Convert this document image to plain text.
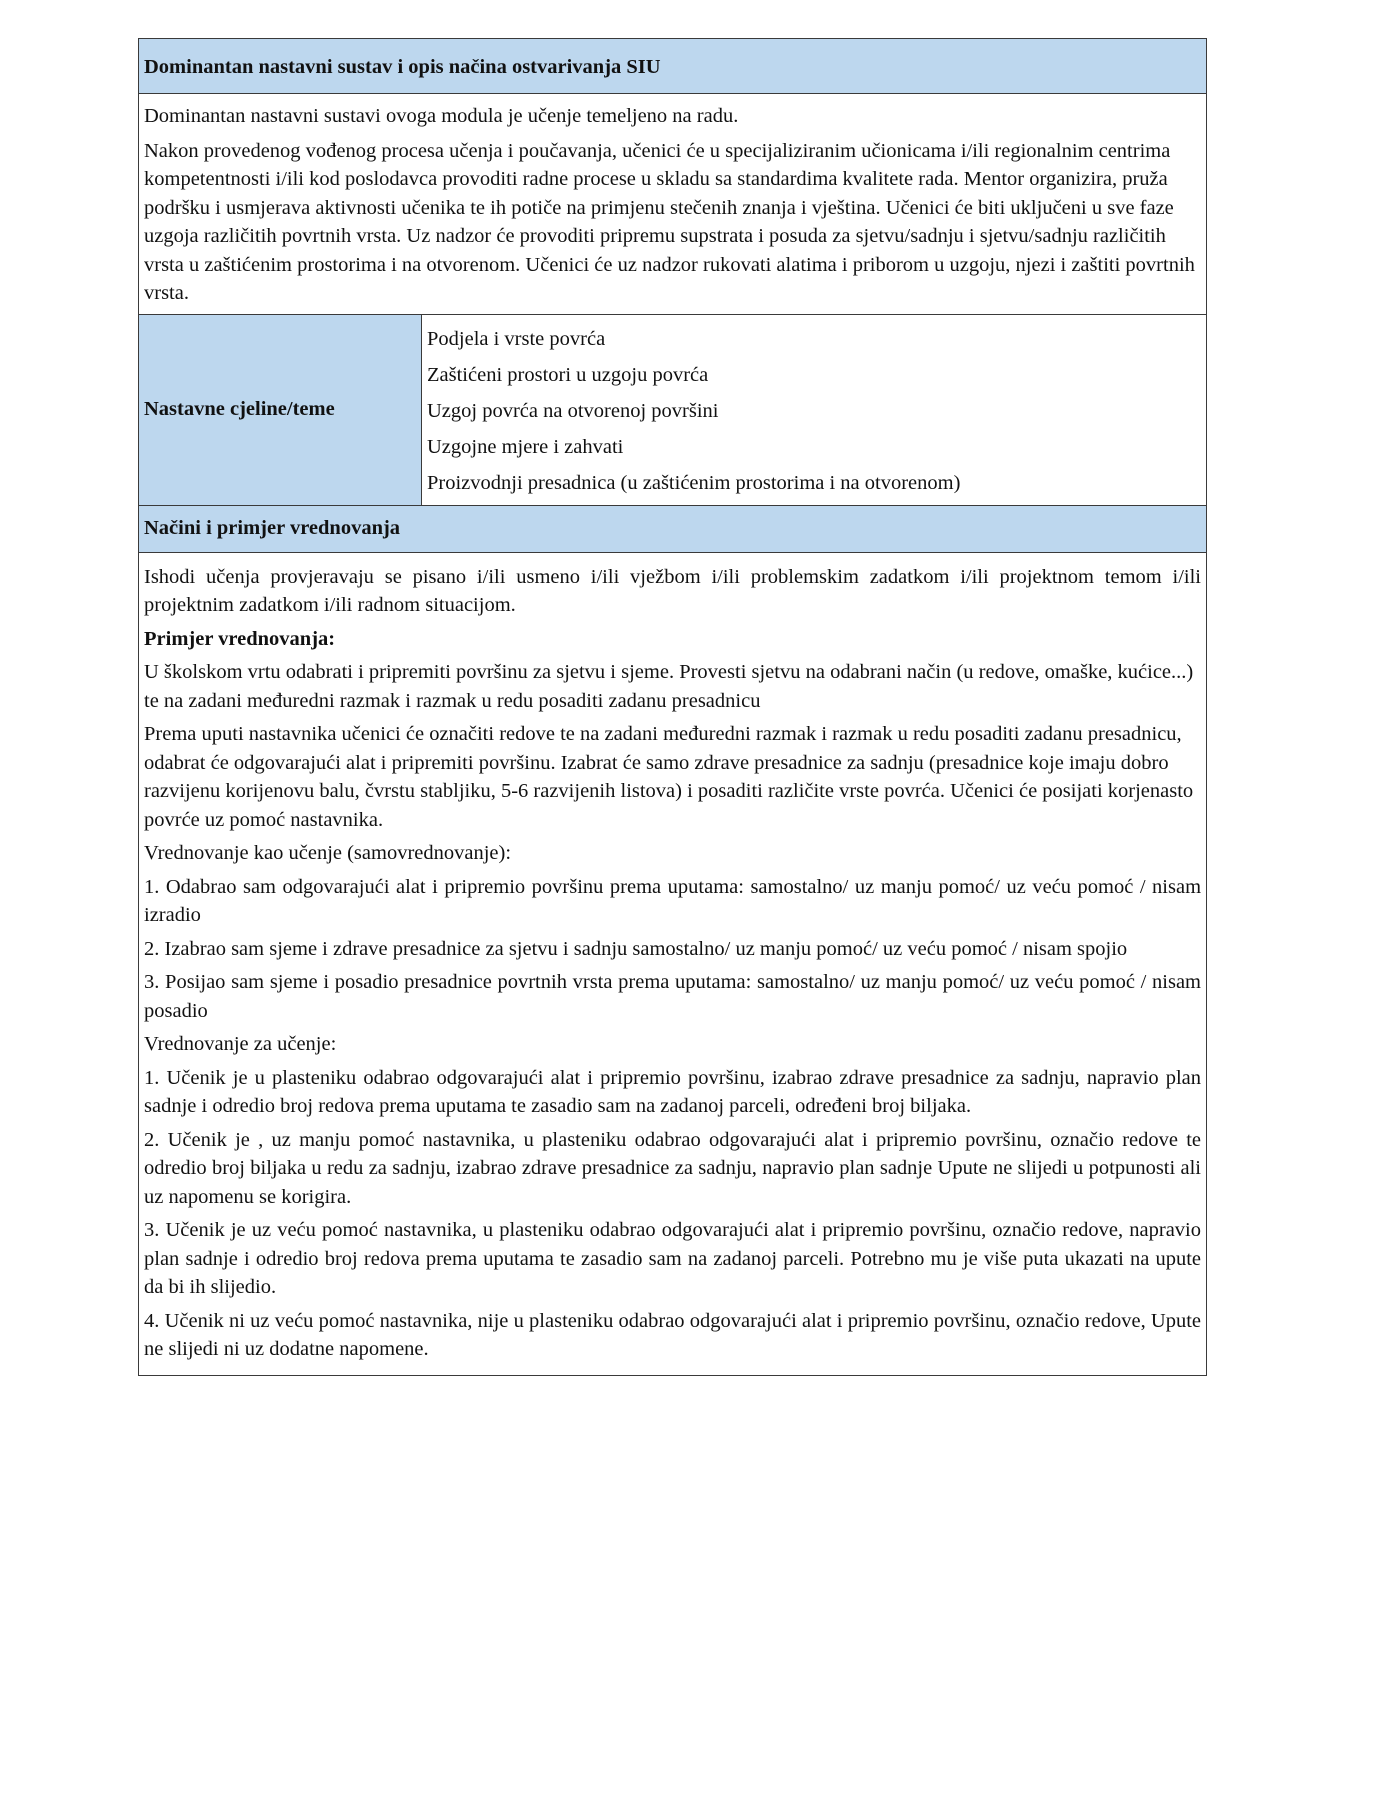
Dominantan nastavni sustav i opis načina ostvarivanja SIU

Dominantan nastavni sustavi ovoga modula je učenje temeljeno na radu.

Nakon provedenog vođenog procesa učenja i poučavanja, učenici će u specijaliziranim učionicama i/ili regionalnim centrima kompetentnosti i/ili kod poslodavca provoditi radne procese u skladu sa standardima kvalitete rada. Mentor organizira, pruža podršku i usmjerava aktivnosti učenika te ih potiče na primjenu stečenih znanja i vještina. Učenici će biti uključeni u sve faze uzgoja različitih povrtnih vrsta. Uz nadzor će provoditi pripremu supstrata i posuda za sjetvu/sadnju i sjetvu/sadnju različitih vrsta u zaštićenim prostorima i na otvorenom. Učenici će uz nadzor rukovati alatima i priborom u uzgoju, njezi i zaštiti povrtnih vrsta.

Nastavne cjeline/teme	
Podjela i vrste povrća
Zaštićeni prostori u uzgoju povrća
Uzgoj povrća na otvorenoj površini
Uzgojne mjere i zahvati
Proizvodnji presadnica (u zaštićenim prostorima i na otvorenom)

Načini i primjer vrednovanja

Ishodi učenja provjeravaju se pisano i/ili usmeno i/ili vježbom i/ili problemskim zadatkom i/ili projektnom temom i/ili projektnim zadatkom i/ili radnom situacijom.

Primjer vrednovanja:

U školskom vrtu odabrati i pripremiti površinu za sjetvu i sjeme. Provesti sjetvu na odabrani način (u redove, omaške, kućice...) te na zadani međuredni razmak i razmak u redu posaditi zadanu presadnicu

Prema uputi nastavnika učenici će označiti redove te na zadani međuredni razmak i razmak u redu posaditi zadanu presadnicu, odabrat će odgovarajući alat i pripremiti površinu. Izabrat će samo zdrave presadnice za sadnju (presadnice koje imaju dobro razvijenu korijenovu balu, čvrstu stabljiku, 5-6 razvijenih listova) i posaditi različite vrste povrća. Učenici će posijati korjenasto povrće uz pomoć nastavnika.

Vrednovanje kao učenje (samovrednovanje):

1. Odabrao sam odgovarajući alat i pripremio površinu prema uputama: samostalno/ uz manju pomoć/ uz veću pomoć / nisam izradio

2. Izabrao sam sjeme i zdrave presadnice za sjetvu i sadnju samostalno/ uz manju pomoć/ uz veću pomoć / nisam spojio

3. Posijao sam sjeme i posadio presadnice povrtnih vrsta prema uputama: samostalno/ uz manju pomoć/ uz veću pomoć / nisam posadio

Vrednovanje za učenje:

1. Učenik je u plasteniku odabrao odgovarajući alat i pripremio površinu, izabrao zdrave presadnice za sadnju, napravio plan sadnje i odredio broj redova prema uputama te zasadio sam na zadanoj parceli, određeni broj biljaka.

2. Učenik je , uz manju pomoć nastavnika, u plasteniku odabrao odgovarajući alat i pripremio površinu, označio redove te odredio broj biljaka u redu za sadnju, izabrao zdrave presadnice za sadnju, napravio plan sadnje Upute ne slijedi u potpunosti ali uz napomenu se korigira.

3. Učenik je uz veću pomoć nastavnika, u plasteniku odabrao odgovarajući alat i pripremio površinu, označio redove, napravio plan sadnje i odredio broj redova prema uputama te zasadio sam na zadanoj parceli. Potrebno mu je više puta ukazati na upute da bi ih slijedio.

4. Učenik ni uz veću pomoć nastavnika, nije u plasteniku odabrao odgovarajući alat i pripremio površinu, označio redove, Upute ne slijedi ni uz dodatne napomene.
